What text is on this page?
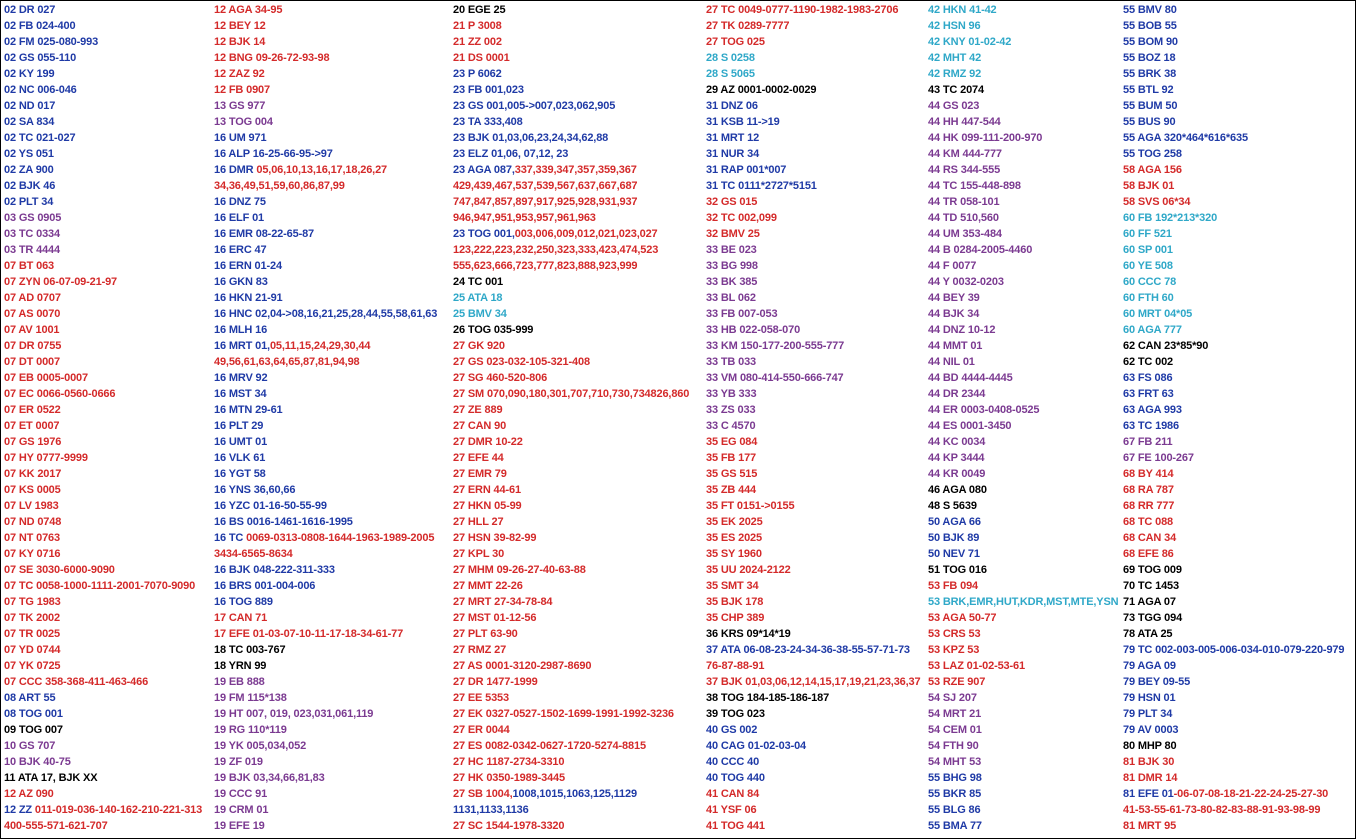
02 DR 027
02 FB 024-400
02 FM 025-080-993
02 GS 055-110
02 KY 199
02 NC 006-046
02 ND 017
02 SA 834
02 TC 021-027
02 YS 051
02 ZA 900
02 BJK 46
02 PLT 34
03 GS 0905
03 TC 0334
03 TR 4444
07 BT 063
07 ZYN 06-07-09-21-97
07 AD 0707
07 AS 0070
07 AV 1001
07 DR 0755
07 DT 0007
07 EB 0005-0007
07 EC 0066-0560-0666
07 ER 0522
07 ET 0007
07 GS 1976
07 HY 0777-9999
07 KK 2017
07 KS 0005
07 LV 1983
07 ND 0748
07 NT 0763
07 KY 0716
07 SE 3030-6000-9090
07 TC 0058-1000-1111-2001-7070-9090
07 TG 1983
07 TK 2002
07 TR 0025
07 YD 0744
07 YK 0725
07 CCC 358-368-411-463-466
08 ART 55
08 TOG 001
09 TOG 007
10 GS 707
10 BJK 40-75
11 ATA 17, BJK XX
12 AZ 090
12 ZZ 011-019-036-140-162-210-221-313
400-555-571-621-707
12 AGA 34-95
12 BEY 12
12 BJK 14
12 BNG 09-26-72-93-98
12 ZAZ 92
12 FB 0907
13 GS 977
13 TOG 004
16 UM 971
16 ALP 16-25-66-95->97
16 DMR 05,06,10,13,16,17,18,26,27
34,36,49,51,59,60,86,87,99
16 DNZ 75
16 ELF 01
16 EMR 08-22-65-87
16 ERC 47
16 ERN 01-24
16 GKN 83
16 HKN 21-91
16 HNC 02,04->08,16,21,25,28,44,55,58,61,63
16 MLH 16
16 MRT 01,05,11,15,24,29,30,44
49,56,61,63,64,65,87,81,94,98
16 MRV 92
16 MST 34
16 MTN 29-61
16 PLT 29
16 UMT 01
16 VLK 61
16 YGT 58
16 YNS 36,60,66
16 YZC 01-16-50-55-99
16 BS 0016-1461-1616-1995
16 TC 0069-0313-0808-1644-1963-1989-2005
3434-6565-8634
16 BJK 048-222-311-333
16 BRS 001-004-006
16 TOG 889
17 CAN 71
17 EFE 01-03-07-10-11-17-18-34-61-77
18 TC 003-767
18 YRN 99
19 EB 888
19 FM 115*138
19 HT 007, 019, 023,031,061,119
19 RG 110*119
19 YK 005,034,052
19 ZF 019
19 BJK 03,34,66,81,83
19 CCC 91
19 CRM 01
19 EFE 19
20 EGE 25
21 P 3008
21 ZZ 002
21 DS 0001
23 P 6062
23 FB 001,023
23 GS 001,005->007,023,062,905
23 TA 333,408
23 BJK 01,03,06,23,24,34,62,88
23 ELZ 01,06, 07,12, 23
23 AGA 087,337,339,347,357,359,367
429,439,467,537,539,567,637,667,687
747,847,857,897,917,925,928,931,937
946,947,951,953,957,961,963
23 TOG 001,003,006,009,012,021,023,027
123,222,223,232,250,323,333,423,474,523
555,623,666,723,777,823,888,923,999
24 TC 001
25 ATA 18
25 BMV 34
26 TOG 035-999
27 GK 920
27 GS 023-032-105-321-408
27 SG 460-520-806
27 SM 070,090,180,301,707,710,730,734826,860
27 ZE 889
27 CAN 90
27 DMR 10-22
27 EFE 44
27 EMR 79
27 ERN 44-61
27 HKN 05-99
27 HLL 27
27 HSN 39-82-99
27 KPL 30
27 MHM 09-26-27-40-63-88
27 MMT 22-26
27 MRT 27-34-78-84
27 MST 01-12-56
27 PLT 63-90
27 RMZ 27
27 AS 0001-3120-2987-8690
27 DR 1477-1999
27 EE 5353
27 EK 0327-0527-1502-1699-1991-1992-3236
27 ER 0044
27 ES 0082-0342-0627-1720-5274-8815
27 HC 1187-2734-3310
27 HK 0350-1989-3445
27 SB 1004,1008,1015,1063,125,1129
1131,1133,1136
27 SC 1544-1978-3320
27 TC 0049-0777-1190-1982-1983-2706
27 TK 0289-7777
27 TOG 025
28 S 0258
28 S 5065
29 AZ 0001-0002-0029
31 DNZ 06
31 KSB 11->19
31 MRT 12
31 NUR 34
31 RAP 001*007
31 TC 0111*2727*5151
32 GS 015
32 TC 002,099
32 BMV 25
33 BE 023
33 BG 998
33 BK 385
33 BL 062
33 FB 007-053
33 HB 022-058-070
33 KM 150-177-200-555-777
33 TB 033
33 VM 080-414-550-666-747
33 YB 333
33 ZS 033
33 C 4570
35 EG 084
35 FB 177
35 GS 515
35 ZB 444
35 FT 0151->0155
35 EK 2025
35 ES 2025
35 SY 1960
35 UU 2024-2122
35 SMT 34
35 BJK 178
35 CHP 389
36 KRS 09*14*19
37 ATA 06-08-23-24-34-36-38-55-57-71-73
76-87-88-91
37 BJK 01,03,06,12,14,15,17,19,21,23,36,37
38 TOG 184-185-186-187
39 TOG 023
40 GS 002
40 CAG 01-02-03-04
40 CCC 40
40 TOG 440
41 CAN 84
41 YSF 06
41 TOG 441
42 HKN 41-42
42 HSN 96
42 KNY 01-02-42
42 MHT 42
42 RMZ 92
43 TC 2074
44 GS 023
44 HH 447-544
44 HK 099-111-200-970
44 KM 444-777
44 RS 344-555
44 TC 155-448-898
44 TR 058-101
44 TD 510,560
44 UM 353-484
44 B 0284-2005-4460
44 F 0077
44 Y 0032-0203
44 BEY 39
44 BJK 34
44 DNZ 10-12
44 MMT 01
44 NIL 01
44 BD 4444-4445
44 DR 2344
44 ER 0003-0408-0525
44 ES 0001-3450
44 KC 0034
44 KP 3444
44 KR 0049
46 AGA 080
48 S 5639
50 AGA 66
50 BJK 89
50 NEV 71
51 TOG 016
53 FB 094
53 BRK,EMR,HUT,KDR,MST,MTE,YSN
53 AGA 50-77
53 CRS 53
53 KPZ 53
53 LAZ 01-02-53-61
53 RZE 907
54 SJ 207
54 MRT 21
54 CEM 01
54 FTH 90
54 MHT 53
55 BHG 98
55 BKR 85
55 BLG 86
55 BMA 77
55 BMV 80
55 BOB 55
55 BOM 90
55 BOZ 18
55 BRK 38
55 BTL 92
55 BUM 50
55 BUS 90
55 AGA 320*464*616*635
55 TOG 258
58 AGA 156
58 BJK 01
58 SVS 06*34
60 FB 192*213*320
60 FF 521
60 SP 001
60 YE 508
60 CCC 78
60 FTH 60
60 MRT 04*05
60 AGA 777
62 CAN 23*85*90
62 TC 002
63 FS 086
63 FRT 63
63 AGA 993
63 TC 1986
67 FB 211
67 FE 100-267
68 BY 414
68 RA 787
68 RR 777
68 TC 088
68 CAN 34
68 EFE 86
69 TOG 009
70 TC 1453
71 AGA 07
73 TGG 094
78 ATA 25
79 TC 002-003-005-006-034-010-079-220-979
79 AGA 09
79 BEY 09-55
79 HSN 01
79 PLT 34
79 AV 0003
80 MHP 80
81 BJK 30
81 DMR 14
81 EFE 01-06-07-08-18-21-22-24-25-27-30
41-53-55-61-73-80-82-83-88-91-93-98-99
81 MRT 95
